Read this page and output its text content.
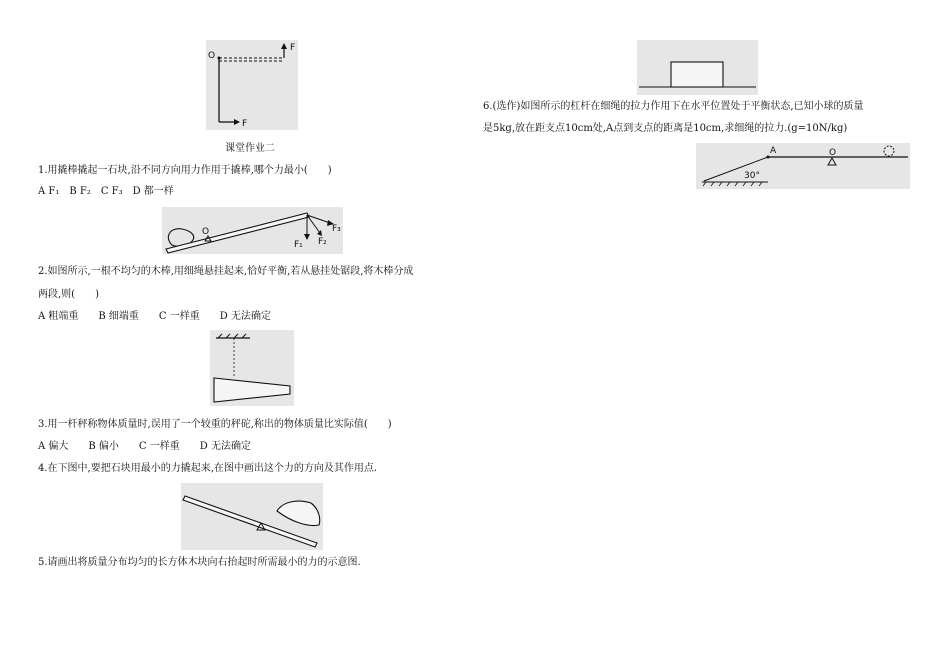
O
F
F
课堂作业二
1.用撬棒撬起一石块,沿不同方向用力作用于撬棒,哪个力最小(　　)
A F₁　B F₂　C F₃　D 都一样
O
F₁ F₂
F₃
2.如图所示,一根不均匀的木棒,用细绳悬挂起来,恰好平衡,若从悬挂处锯段,将木棒分成
两段,则(　　)
A 粗端重　　B 细端重　　C 一样重　　D 无法确定
3.用一杆秤称物体质量时,误用了一个较重的秤砣,称出的物体质量比实际值(　　)
A 偏大　　B 偏小　　C 一样重　　D 无法确定
4.在下图中,要把石块用最小的力撬起来,在图中画出这个力的方向及其作用点.
5.请画出将质量分布均匀的长方体木块向右抬起时所需最小的力的示意图.
6.(选作)如图所示的杠杆在细绳的拉力作用下在水平位置处于平衡状态,已知小球的质量
是5kg,放在距支点10cm处,A点到支点的距离是10cm,求细绳的拉力.(g=10N/kg)
30°
A	O
